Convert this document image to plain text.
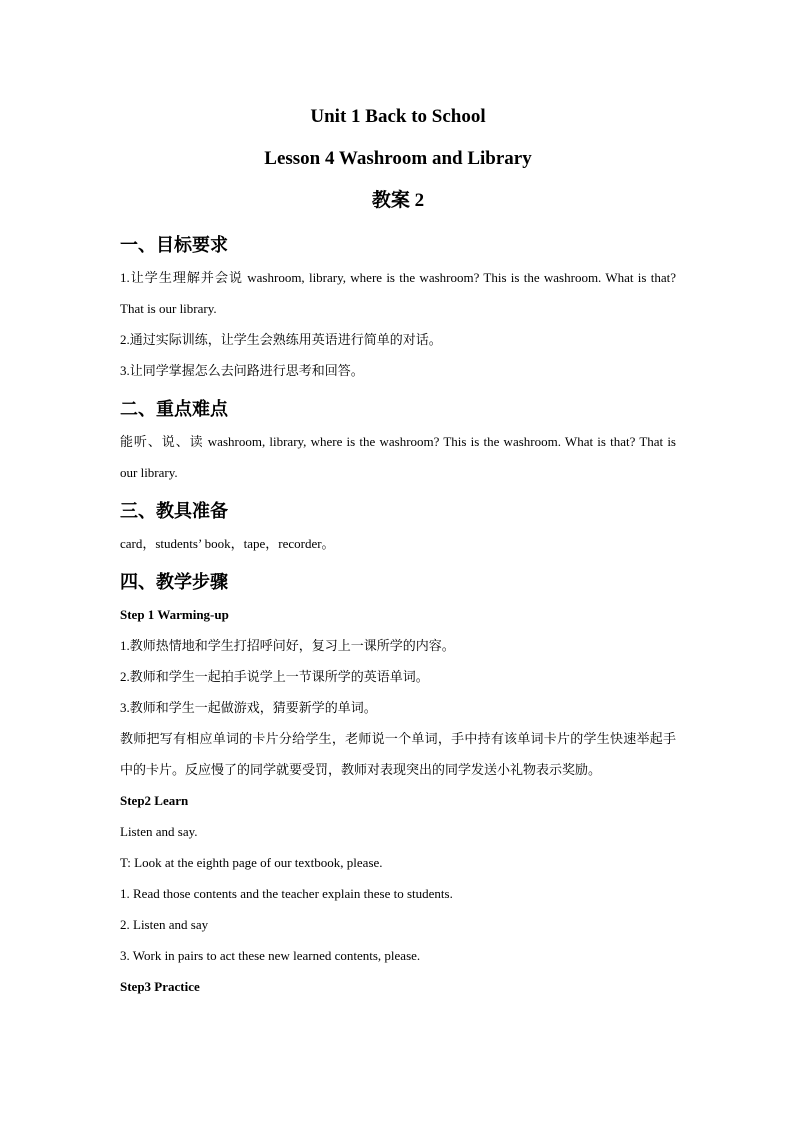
Unit 1 Back to School
Lesson 4 Washroom and Library
教案 2
一、目标要求
1.让学生理解并会说 washroom, library, where is the washroom? This is the washroom. What is that? That is our library.
2.通过实际训练，让学生会熟练用英语进行简单的对话。
3.让同学掌握怎么去问路进行思考和回答。
二、重点难点
能听、说、读 washroom, library, where is the washroom? This is the washroom. What is that? That is our library.
三、教具准备
card，students’ book，tape，recorder。
四、教学步骤
Step 1 Warming-up
1.教师热情地和学生打招呼问好，复习上一课所学的内容。
2.教师和学生一起拍手说学上一节课所学的英语单词。
3.教师和学生一起做游戏，猜要新学的单词。
教师把写有相应单词的卡片分给学生，老师说一个单词，手中持有该单词卡片的学生快速举起手中的卡片。反应慢了的同学就要受罚，教师对表现突出的同学发送小礼物表示奖励。
Step2 Learn
Listen and say.
T: Look at the eighth page of our textbook, please.
1. Read those contents and the teacher explain these to students.
2. Listen and say
3. Work in pairs to act these new learned contents, please.
Step3 Practice
